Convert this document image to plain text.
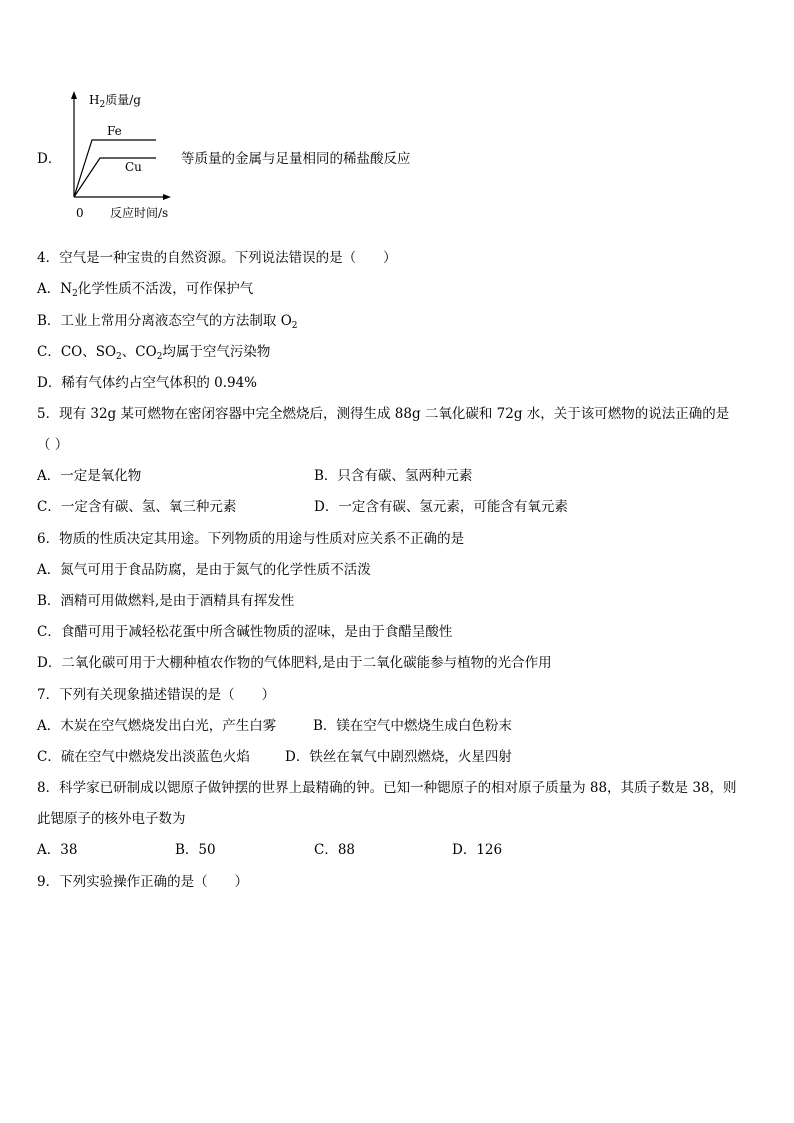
D．
$H_2$质量/g
Fe
Cu
0 反应时间/s
等质量的金属与足量相同的稀盐酸反应
4．空气是一种宝贵的自然资源。下列说法错误的是（　　）
A．$N_2$化学性质不活泼，可作保护气
B．工业上常用分离液态空气的方法制取 $O_2$
C．CO、$SO_2$、$CO_2$均属于空气污染物
D．稀有气体约占空气体积的 0.94%
5．现有 32g 某可燃物在密闭容器中完全燃烧后，测得生成 88g 二氧化碳和 72g 水，关于该可燃物的说法正确的是
（ ）
A．一定是氧化物	B．只含有碳、氢两种元素
C．一定含有碳、氢、氧三种元素	D．一定含有碳、氢元素，可能含有氧元素
6．物质的性质决定其用途。下列物质的用途与性质对应关系不正确的是
A．氮气可用于食品防腐，是由于氮气的化学性质不活泼
B．酒精可用做燃料,是由于酒精具有挥发性
C．食醋可用于减轻松花蛋中所含碱性物质的涩味，是由于食醋呈酸性
D．二氧化碳可用于大棚种植农作物的气体肥料,是由于二氧化碳能参与植物的光合作用
7．下列有关现象描述错误的是（　　）
A．木炭在空气燃烧发出白光，产生白雾	B．镁在空气中燃烧生成白色粉末
C．硫在空气中燃烧发出淡蓝色火焰	D．铁丝在氧气中剧烈燃烧，火星四射
8．科学家已研制成以锶原子做钟摆的世界上最精确的钟。已知一种锶原子的相对原子质量为 88，其质子数是 38，则
此锶原子的核外电子数为
A．38	B．50	C．88	D．126
9．下列实验操作正确的是（　　）
